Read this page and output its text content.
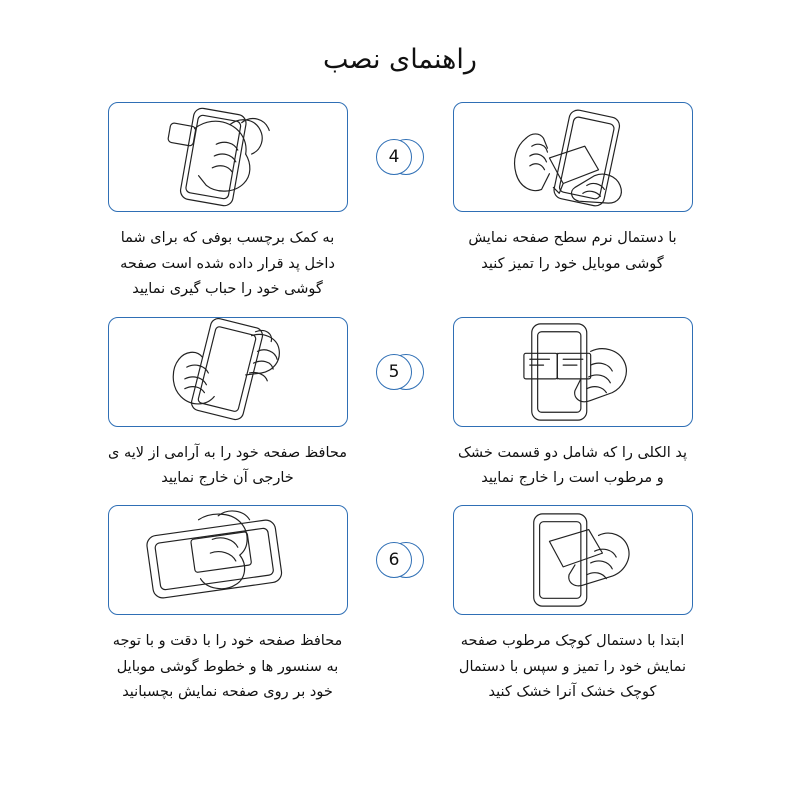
راهنمای نصب
با دستمال نرم سطح صفحه نمایش
گوشی موبایل خود را تمیز کنید
4
به کمک برچسب بوفی که برای شما
داخل پد قرار داده شده است صفحه
گوشی خود را حباب گیری نمایید
پد الکلی را که شامل دو قسمت خشک
و مرطوب است را خارج نمایید
5
محافظ صفحه خود را به آرامی از لایه ی
خارجی آن خارج نمایید
ابتدا با دستمال کوچک مرطوب صفحه
نمایش خود را تمیز و سپس با دستمال
کوچک خشک آنرا خشک کنید
6
محافظ صفحه خود را با دقت و با توجه
به سنسور ها و خطوط گوشی موبایل
خود بر روی صفحه نمایش بچسبانید
